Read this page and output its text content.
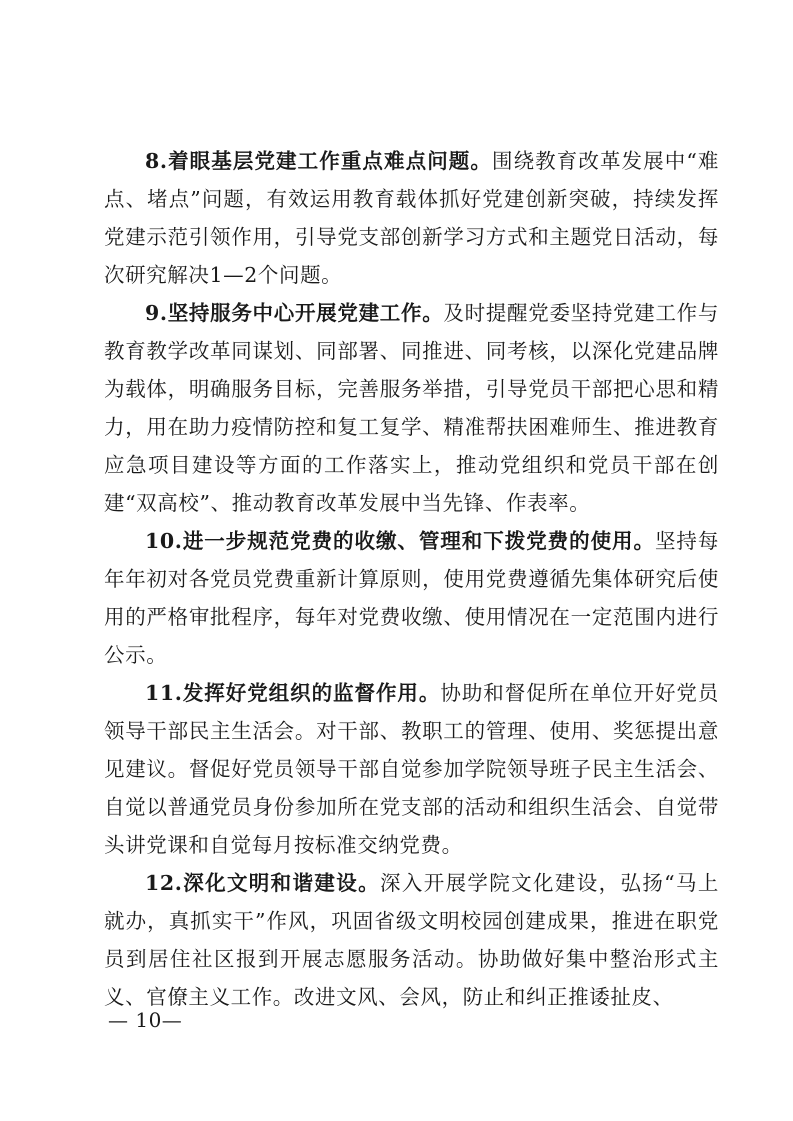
8.着眼基层党建工作重点难点问题。围绕教育改革发展中“难点、堵点”问题，有效运用教育载体抓好党建创新突破，持续发挥党建示范引领作用，引导党支部创新学习方式和主题党日活动，每次研究解决1—2个问题。

9.坚持服务中心开展党建工作。及时提醒党委坚持党建工作与教育教学改革同谋划、同部署、同推进、同考核，以深化党建品牌为载体，明确服务目标，完善服务举措，引导党员干部把心思和精力，用在助力疫情防控和复工复学、精准帮扶困难师生、推进教育应急项目建设等方面的工作落实上，推动党组织和党员干部在创建“双高校”、推动教育改革发展中当先锋、作表率。

10.进一步规范党费的收缴、管理和下拨党费的使用。坚持每年年初对各党员党费重新计算原则，使用党费遵循先集体研究后使用的严格审批程序，每年对党费收缴、使用情况在一定范围内进行公示。

11.发挥好党组织的监督作用。协助和督促所在单位开好党员领导干部民主生活会。对干部、教职工的管理、使用、奖惩提出意见建议。督促好党员领导干部自觉参加学院领导班子民主生活会、自觉以普通党员身份参加所在党支部的活动和组织生活会、自觉带头讲党课和自觉每月按标准交纳党费。

12.深化文明和谐建设。深入开展学院文化建设，弘扬“马上就办，真抓实干”作风，巩固省级文明校园创建成果，推进在职党员到居住社区报到开展志愿服务活动。协助做好集中整治形式主义、官僚主义工作。改进文风、会风，防止和纠正推诿扯皮、

— 10—
